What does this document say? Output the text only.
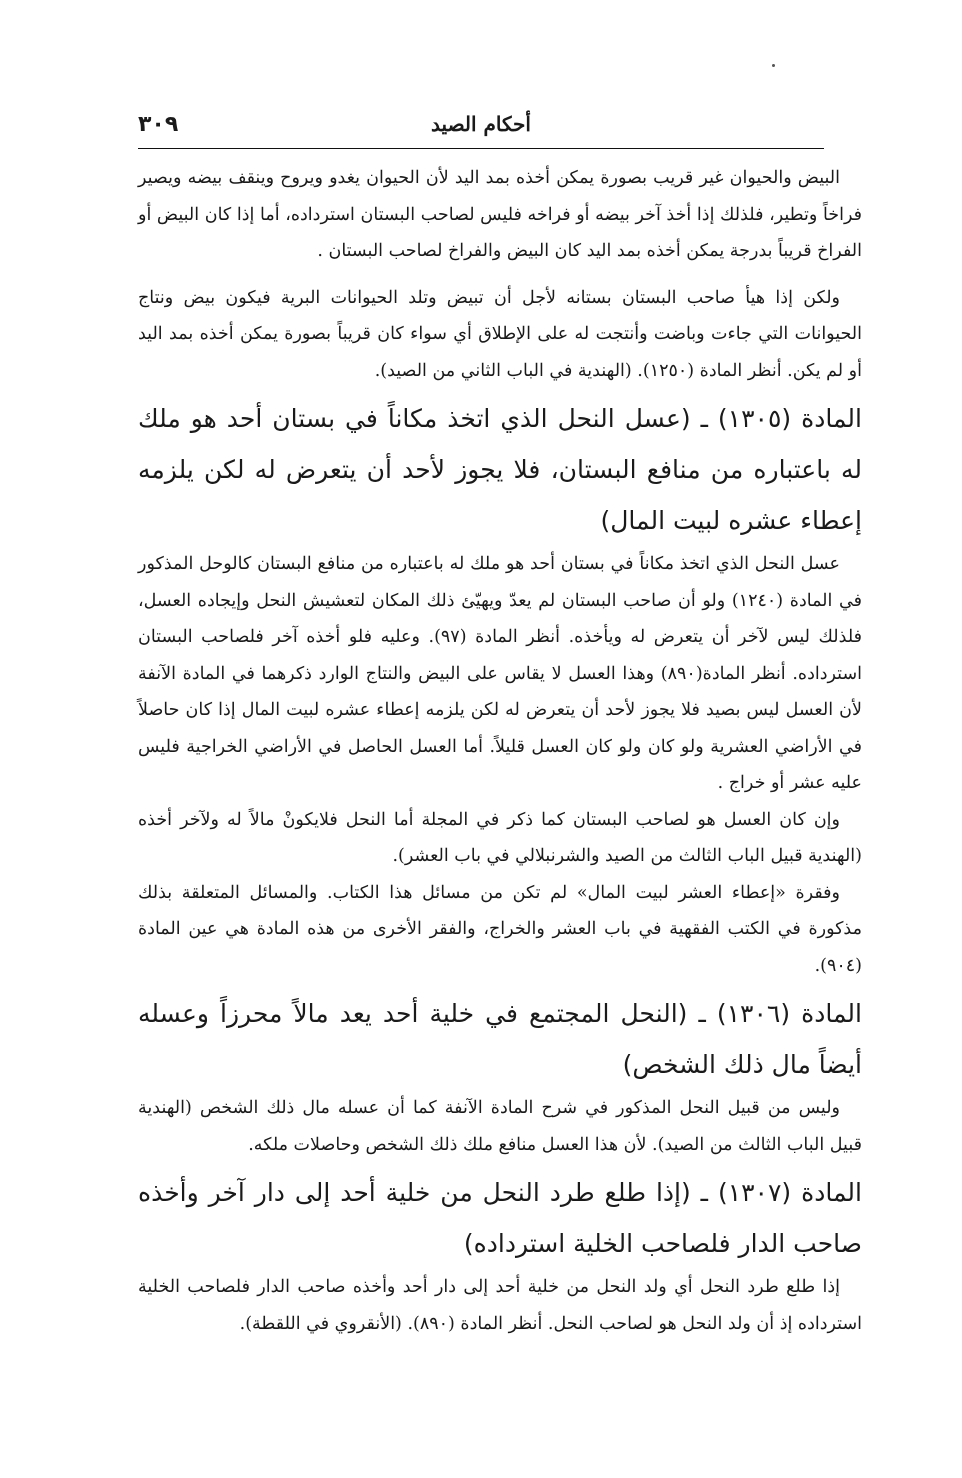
٣٠٩	أحكام الصيد

البيض والحيوان غير قريب بصورة يمكن أخذه بمد اليد لأن الحيوان يغدو ويروح وينقف بيضه ويصير فراخاً وتطير، فلذلك إذا أخذ آخر بيضه أو فراخه فليس لصاحب البستان استرداده، أما إذا كان البيض أو الفراخ قريباً بدرجة يمكن أخذه بمد اليد كان البيض والفراخ لصاحب البستان .

ولكن إذا هيأ صاحب البستان بستانه لأجل أن تبيض وتلد الحيوانات البرية فيكون بيض ونتاج الحيوانات التي جاءت وباضت وأنتجت له على الإطلاق أي سواء كان قريباً بصورة يمكن أخذه بمد اليد أو لم يكن. أنظر المادة (١٢٥٠). (الهندية في الباب الثاني من الصيد).

المادة (١٣٠٥) ـ (عسل النحل الذي اتخذ مكاناً في بستان أحد هو ملك له باعتباره من منافع البستان، فلا يجوز لأحد أن يتعرض له لكن يلزمه إعطاء عشره لبيت المال)

عسل النحل الذي اتخذ مكاناً في بستان أحد هو ملك له باعتباره من منافع البستان كالوحل المذكور في المادة (١٢٤٠) ولو أن صاحب البستان لم يعدّ ويهيّئ ذلك المكان لتعشيش النحل وإيجاده العسل، فلذلك ليس لآخر أن يتعرض له ويأخذه. أنظر المادة (٩٧). وعليه فلو أخذه آخر فلصاحب البستان استرداده. أنظر المادة(٨٩٠) وهذا العسل لا يقاس على البيض والنتاج الوارد ذكرهما في المادة الآنفة لأن العسل ليس بصيد فلا يجوز لأحد أن يتعرض له لكن يلزمه إعطاء عشره لبيت المال إذا كان حاصلاً في الأراضي العشرية ولو كان ولو كان العسل قليلاً. أما العسل الحاصل في الأراضي الخراجية فليس عليه عشر أو خراج .

وإن كان العسل هو لصاحب البستان كما ذكر في المجلة أما النحل فلايكونْ مالاً له ولآخر أخذه (الهندية قبيل الباب الثالث من الصيد والشرنبلالي في باب العشر).

وفقرة «إعطاء العشر لبيت المال» لم تكن من مسائل هذا الكتاب. والمسائل المتعلقة بذلك مذكورة في الكتب الفقهية في باب العشر والخراج، والفقر الأخرى من هذه المادة هي عين المادة (٩٠٤).

المادة (١٣٠٦) ـ (النحل المجتمع في خلية أحد يعد مالاً محرزاً وعسله أيضاً مال ذلك الشخص)

وليس من قبيل النحل المذكور في شرح المادة الآنفة كما أن عسله مال ذلك الشخص (الهندية قبيل الباب الثالث من الصيد). لأن هذا العسل منافع ملك ذلك الشخص وحاصلات ملكه.

المادة (١٣٠٧) ـ (إذا طلع طرد النحل من خلية أحد إلى دار آخر وأخذه صاحب الدار فلصاحب الخلية استرداده)

إذا طلع طرد النحل أي ولد النحل من خلية أحد إلى دار أحد وأخذه صاحب الدار فلصاحب الخلية استرداده إذ أن ولد النحل هو لصاحب النحل. أنظر المادة (٨٩٠). (الأنقروي في اللقطة).
